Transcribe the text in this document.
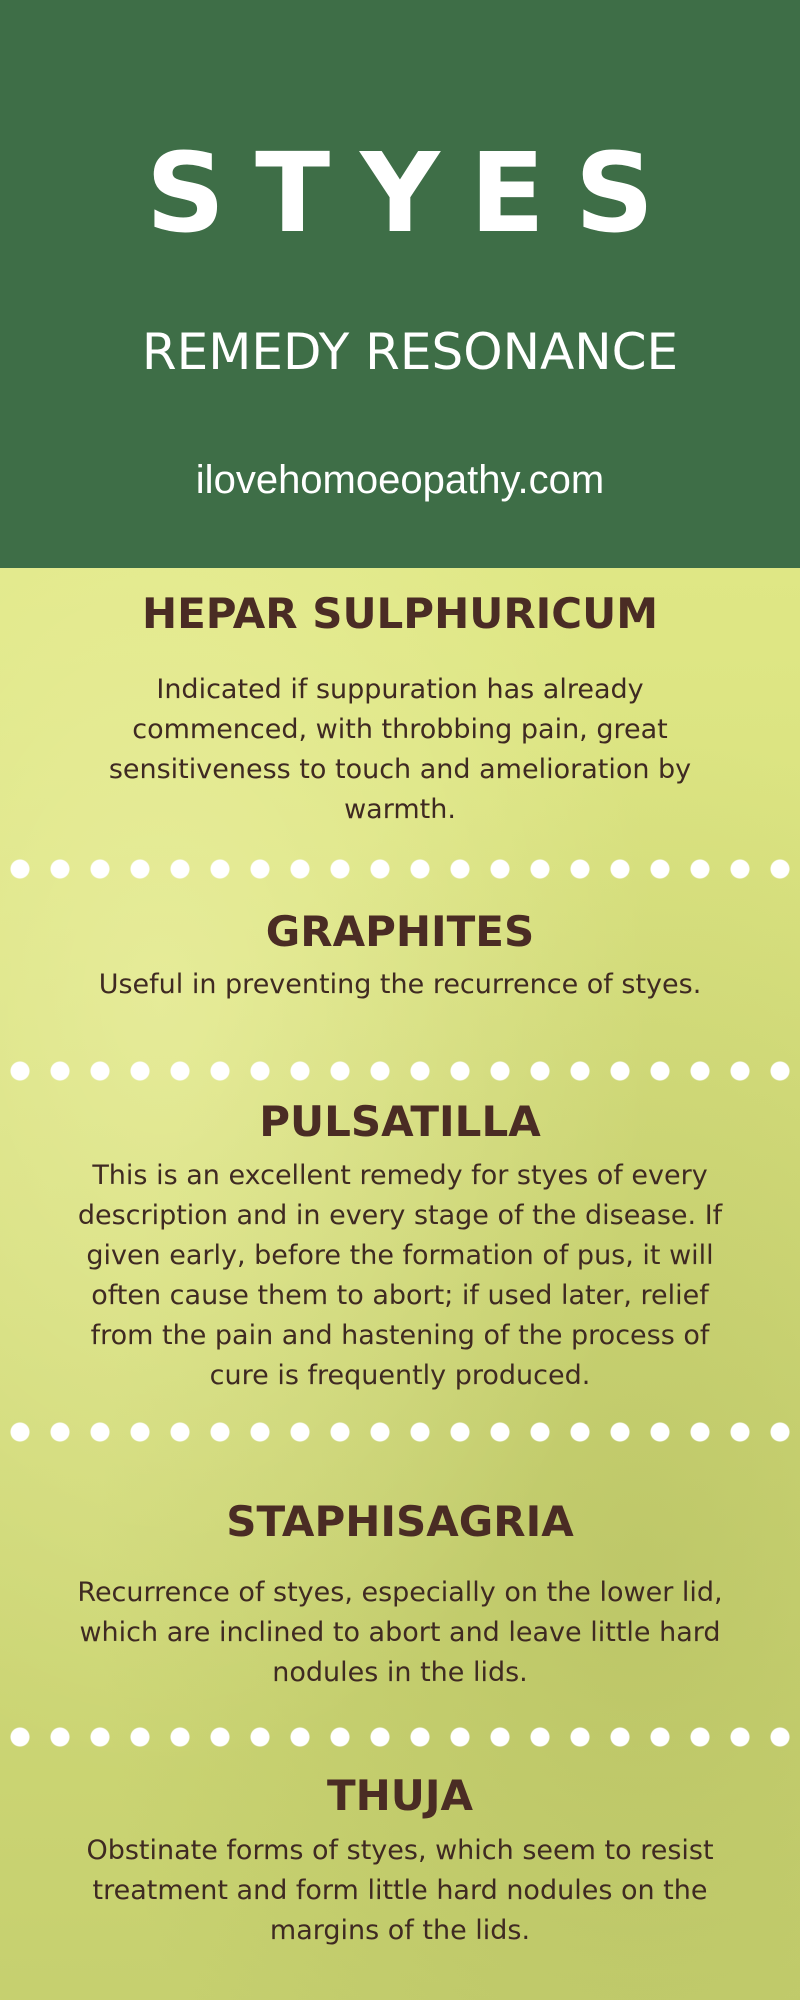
STYES
REMEDY RESONANCE
ilovehomoeopathy.com
HEPAR SULPHURICUM
Indicated if suppuration has already commenced, with throbbing pain, great sensitiveness to touch and amelioration by warmth.
GRAPHITES
Useful in preventing the recurrence of styes.
PULSATILLA
This is an excellent remedy for styes of every description and in every stage of the disease. If given early, before the formation of pus, it will often cause them to abort; if used later, relief from the pain and hastening of the process of cure is frequently produced.
STAPHISAGRIA
Recurrence of styes, especially on the lower lid, which are inclined to abort and leave little hard nodules in the lids.
THUJA
Obstinate forms of styes, which seem to resist treatment and form little hard nodules on the margins of the lids.
